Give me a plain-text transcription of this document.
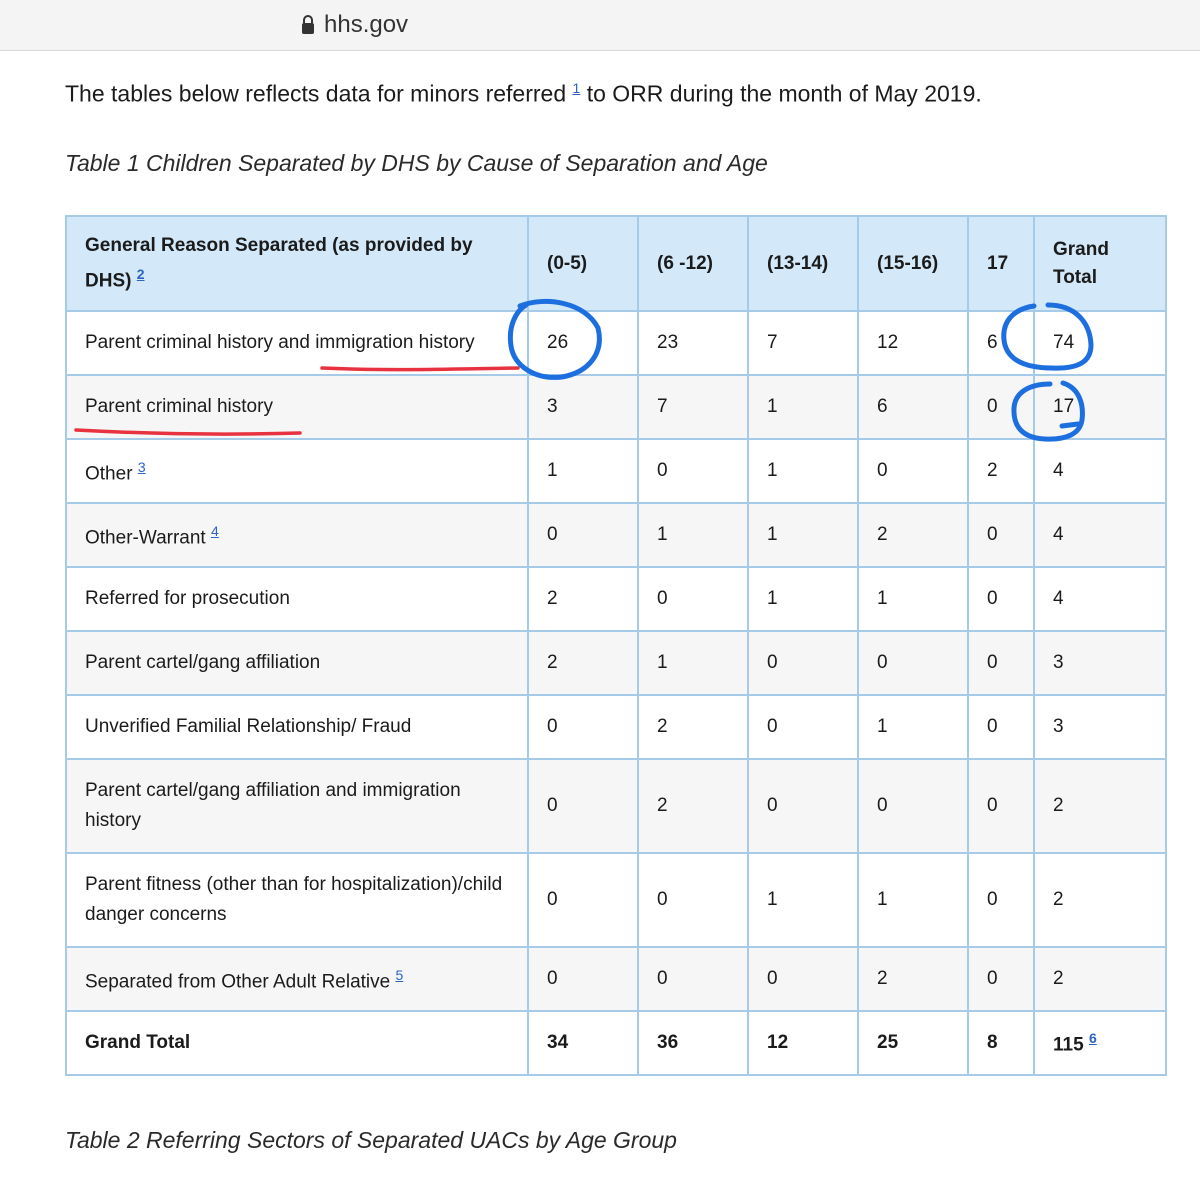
hhs.gov
The tables below reflects data for minors referred $^1$ to ORR during the month of May 2019.
Table 1 Children Separated by DHS by Cause of Separation and Age
General Reason Separated (as provided by DHS) $^2$	(0-5)	(6 -12)	(13-14)	(15-16)	17	Grand Total
Parent criminal history and immigration history	26	23	7	12	6	74
Parent criminal history	3	7	1	6	0	17
Other $^3$	1	0	1	0	2	4
Other-Warrant $^4$	0	1	1	2	0	4
Referred for prosecution	2	0	1	1	0	4
Parent cartel/gang affiliation	2	1	0	0	0	3
Unverified Familial Relationship/ Fraud	0	2	0	1	0	3
Parent cartel/gang affiliation and immigration history	0	2	0	0	0	2
Parent fitness (other than for hospitalization)/child danger concerns	0	0	1	1	0	2
Separated from Other Adult Relative $^5$	0	0	0	2	0	2
Grand Total	34	36	12	25	8	115 $^6$
Table 2 Referring Sectors of Separated UACs by Age Group
